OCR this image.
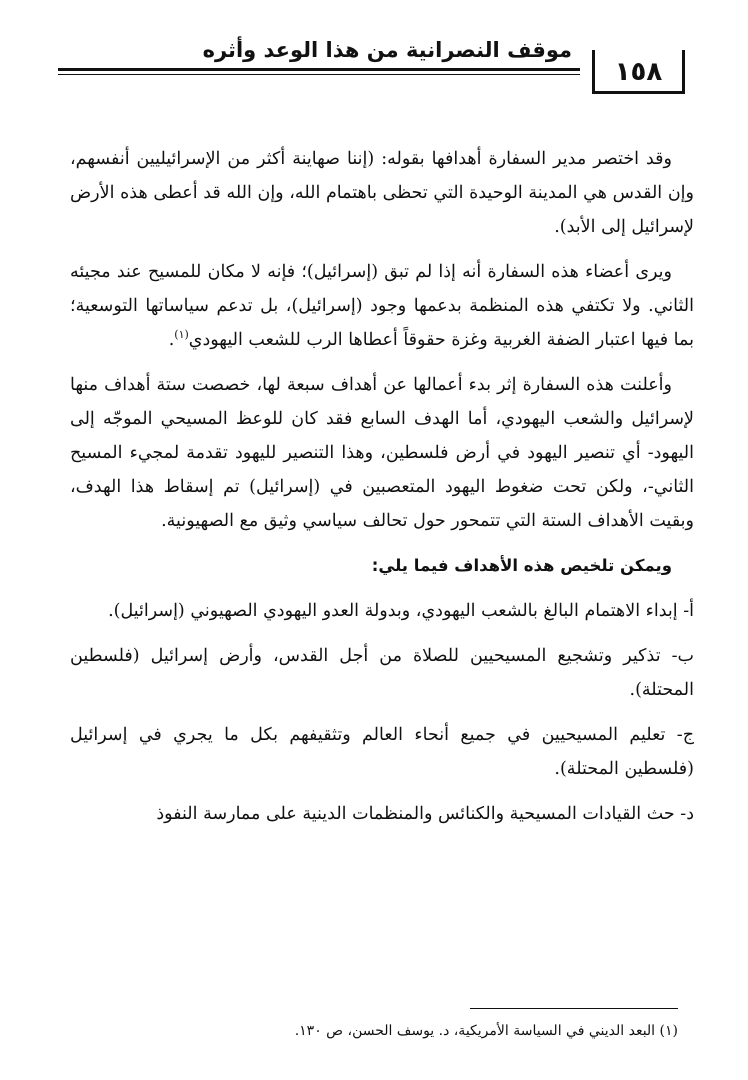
موقف النصرانية من هذا الوعد وأثره
١٥٨

وقد اختصر مدير السفارة أهدافها بقوله: (إننا صهاينة أكثر من الإسرائيليين أنفسهم، وإن القدس هي المدينة الوحيدة التي تحظى باهتمام الله، وإن الله قد أعطى هذه الأرض لإسرائيل إلى الأبد).

ويرى أعضاء هذه السفارة أنه إذا لم تبق (إسرائيل)؛ فإنه لا مكان للمسيح عند مجيئه الثاني. ولا تكتفي هذه المنظمة بدعمها وجود (إسرائيل)، بل تدعم سياساتها التوسعية؛ بما فيها اعتبار الضفة الغربية وغزة حقوقاً أعطاها الرب للشعب اليهودي$^{(١)}$.

وأعلنت هذه السفارة إثر بدء أعمالها عن أهداف سبعة لها، خصصت ستة أهداف منها لإسرائيل والشعب اليهودي، أما الهدف السابع فقد كان للوعظ المسيحي الموجّه إلى اليهود- أي تنصير اليهود في أرض فلسطين، وهذا التنصير لليهود تقدمة لمجيء المسيح الثاني-، ولكن تحت ضغوط اليهود المتعصبين في (إسرائيل) تم إسقاط هذا الهدف، وبقيت الأهداف الستة التي تتمحور حول تحالف سياسي وثيق مع الصهيونية.

ويمكن تلخيص هذه الأهداف فيما يلي:

أ- إبداء الاهتمام البالغ بالشعب اليهودي، وبدولة العدو اليهودي الصهيوني (إسرائيل).

ب- تذكير وتشجيع المسيحيين للصلاة من أجل القدس، وأرض إسرائيل (فلسطين المحتلة).

ج- تعليم المسيحيين في جميع أنحاء العالم وتثقيفهم بكل ما يجري في إسرائيل (فلسطين المحتلة).

د- حث القيادات المسيحية والكنائس والمنظمات الدينية على ممارسة النفوذ

(١) البعد الديني في السياسة الأمريكية، د. يوسف الحسن، ص ١٣٠.
